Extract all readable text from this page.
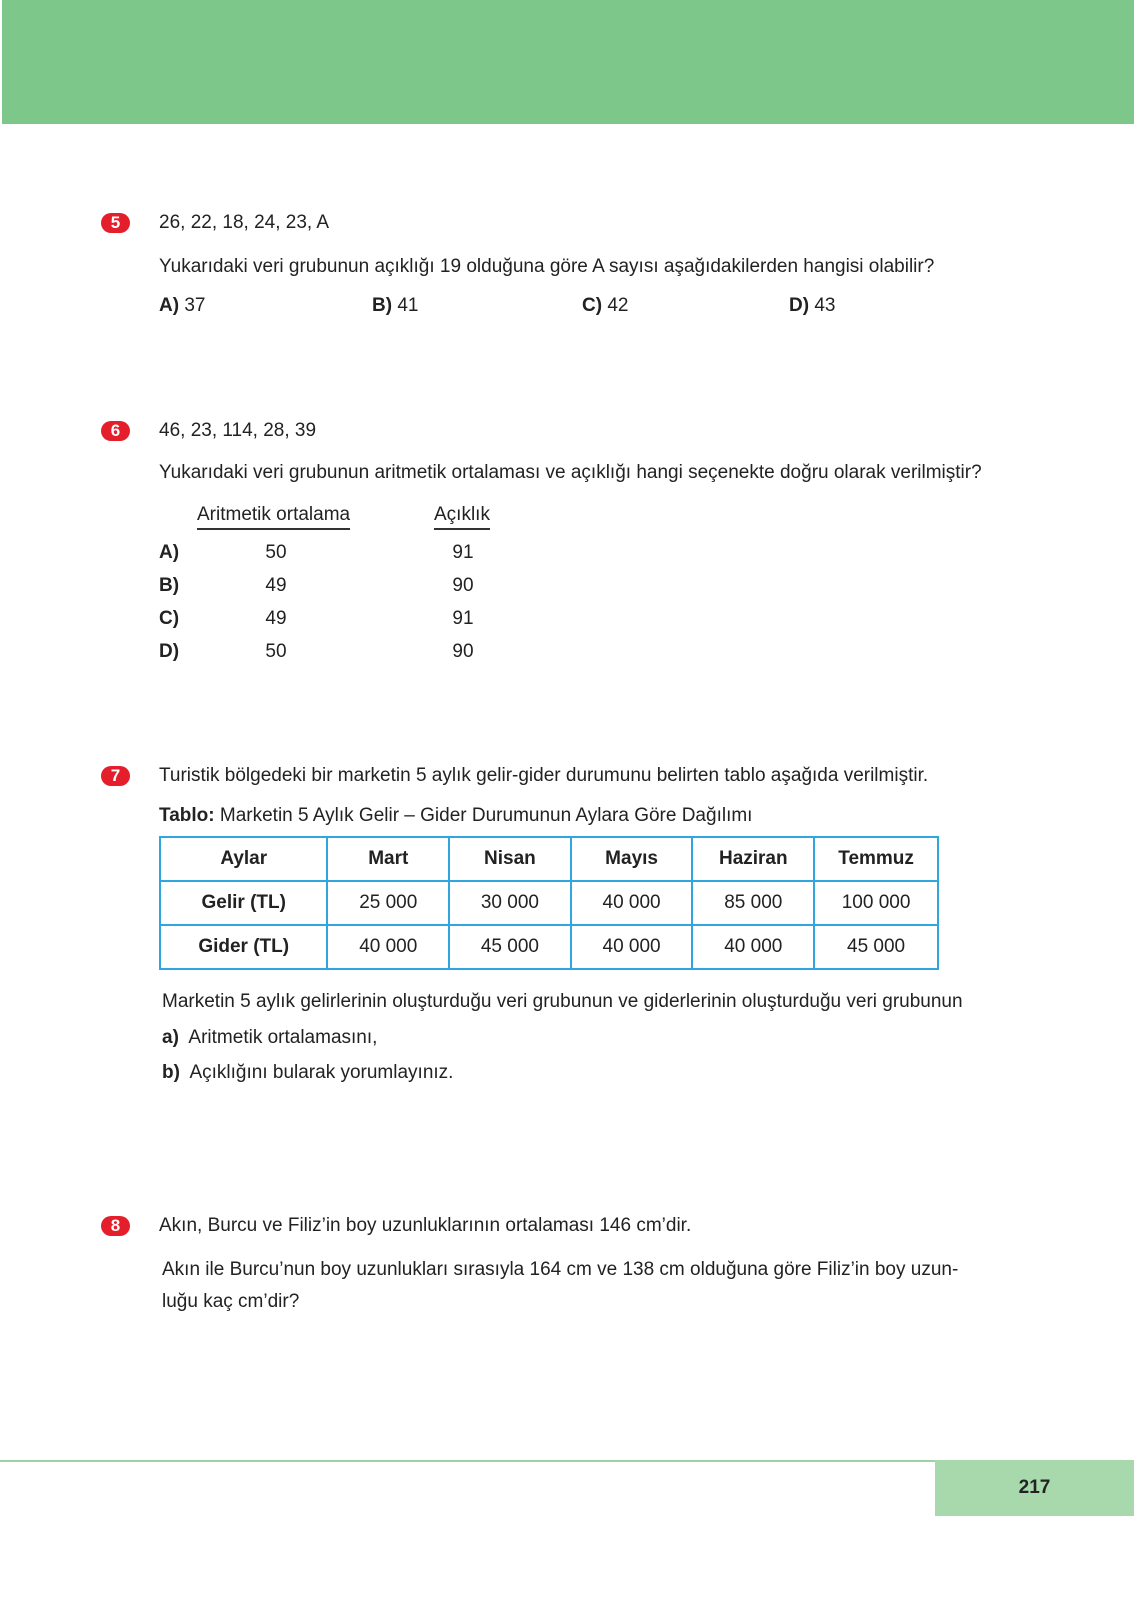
5	26, 22, 18, 24, 23, A
Yukarıdaki veri grubunun açıklığı 19 olduğuna göre A sayısı aşağıdakilerden hangisi olabilir?
A) 37	B) 41	C) 42	D) 43
6	46, 23, 114, 28, 39
Yukarıdaki veri grubunun aritmetik ortalaması ve açıklığı hangi seçenekte doğru olarak verilmiştir?
Aritmetik ortalama	Açıklık
A)	50	91
B)	49	90
C)	49	91
D)	50	90
7	Turistik bölgedeki bir marketin 5 aylık gelir-gider durumunu belirten tablo aşağıda verilmiştir.
Tablo: Marketin 5 Aylık Gelir – Gider Durumunun Aylara Göre Dağılımı
Aylar	Mart	Nisan	Mayıs	Haziran	Temmuz
Gelir (TL)	25 000	30 000	40 000	85 000	100 000
Gider (TL)	40 000	45 000	40 000	40 000	45 000
Marketin 5 aylık gelirlerinin oluşturduğu veri grubunun ve giderlerinin oluşturduğu veri grubunun
a) Aritmetik ortalamasını,
b) Açıklığını bularak yorumlayınız.
8	Akın, Burcu ve Filiz’in boy uzunluklarının ortalaması 146 cm’dir.
Akın ile Burcu’nun boy uzunlukları sırasıyla 164 cm ve 138 cm olduğuna göre Filiz’in boy uzun-
luğu kaç cm’dir?
217
